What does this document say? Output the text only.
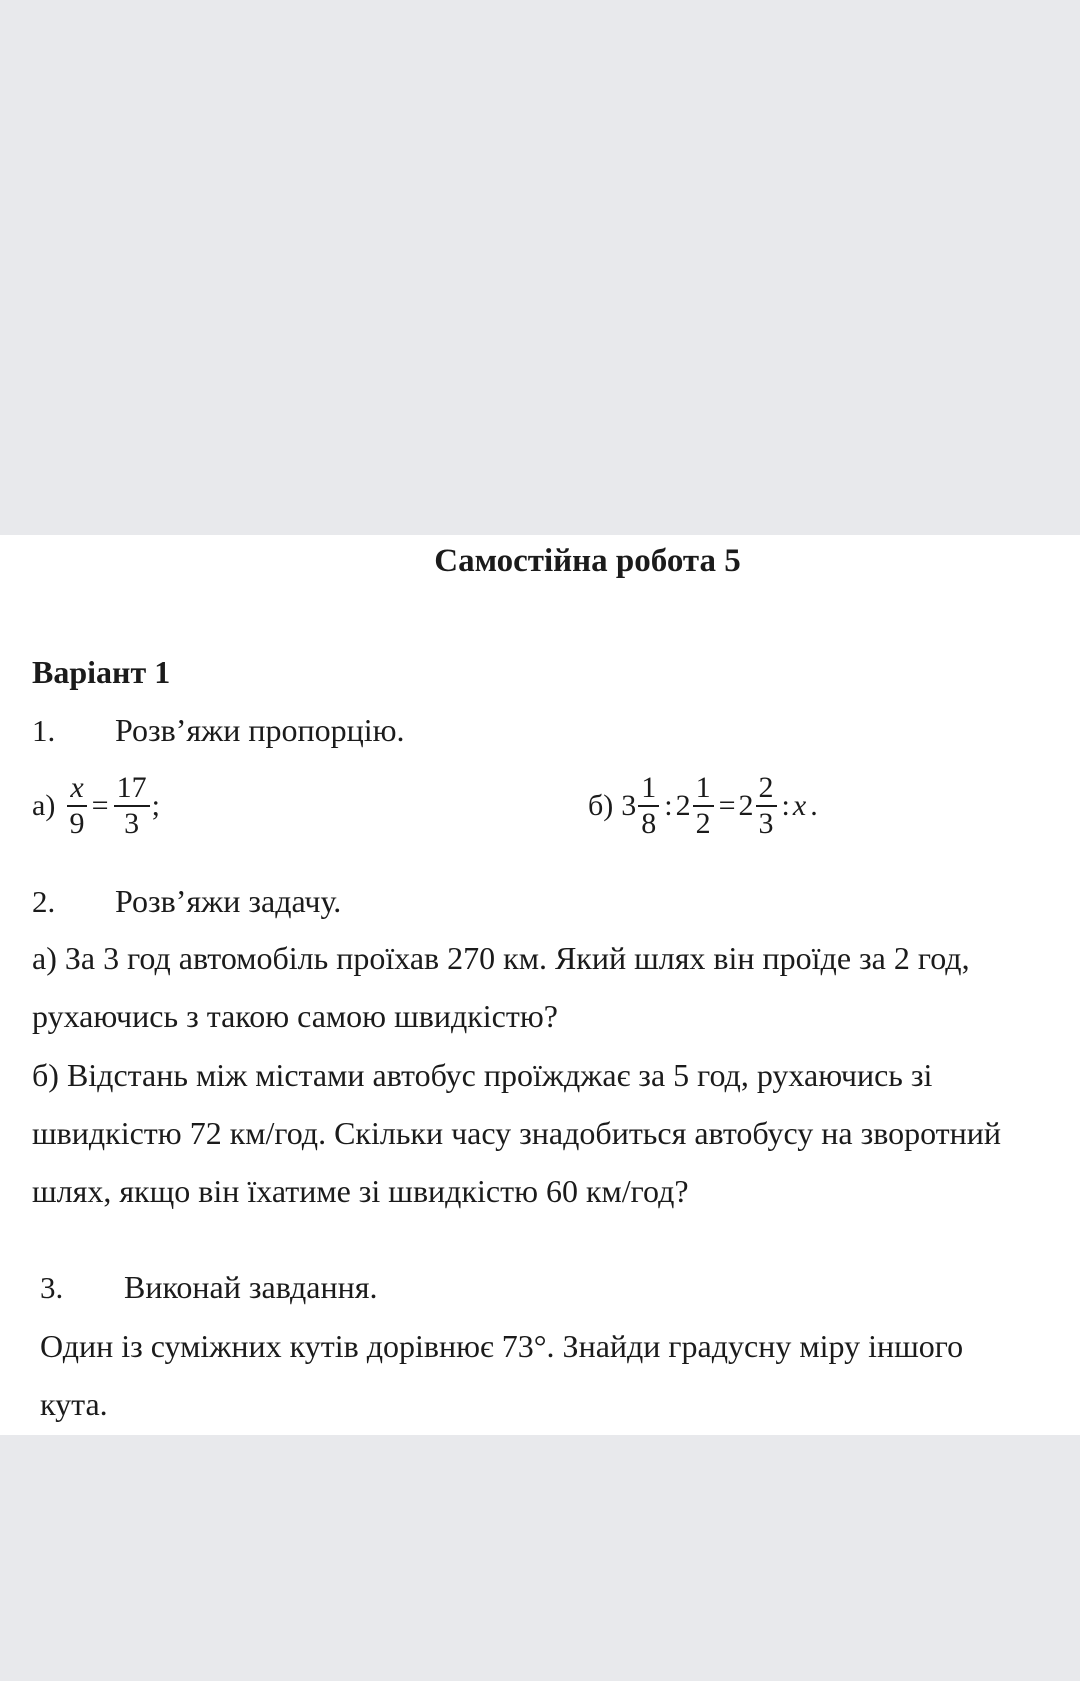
Самостійна робота 5
Варіант 1
1. Розв’яжи пропорцію.
$а) \frac{x}{9} = \frac{17}{3}$ ;	б) $3 \frac{1}{8}$ : $2 \frac{1}{2} = 2 \frac{2}{3}$ : x .
2. Розв’яжи задачу.
а) За 3 год автомобіль проїхав 270 км. Який шлях він проїде за 2 год,
рухаючись з такою самою швидкістю?
б) Відстань між містами автобус проїжджає за 5 год, рухаючись зі
швидкістю 72 км/год. Скільки часу знадобиться автобусу на зворотний
шлях, якщо він їхатиме зі швидкістю 60 км/год?
3. Виконай завдання.
Один із суміжних кутів дорівнює 73°. Знайди градусну міру іншого
кута.
